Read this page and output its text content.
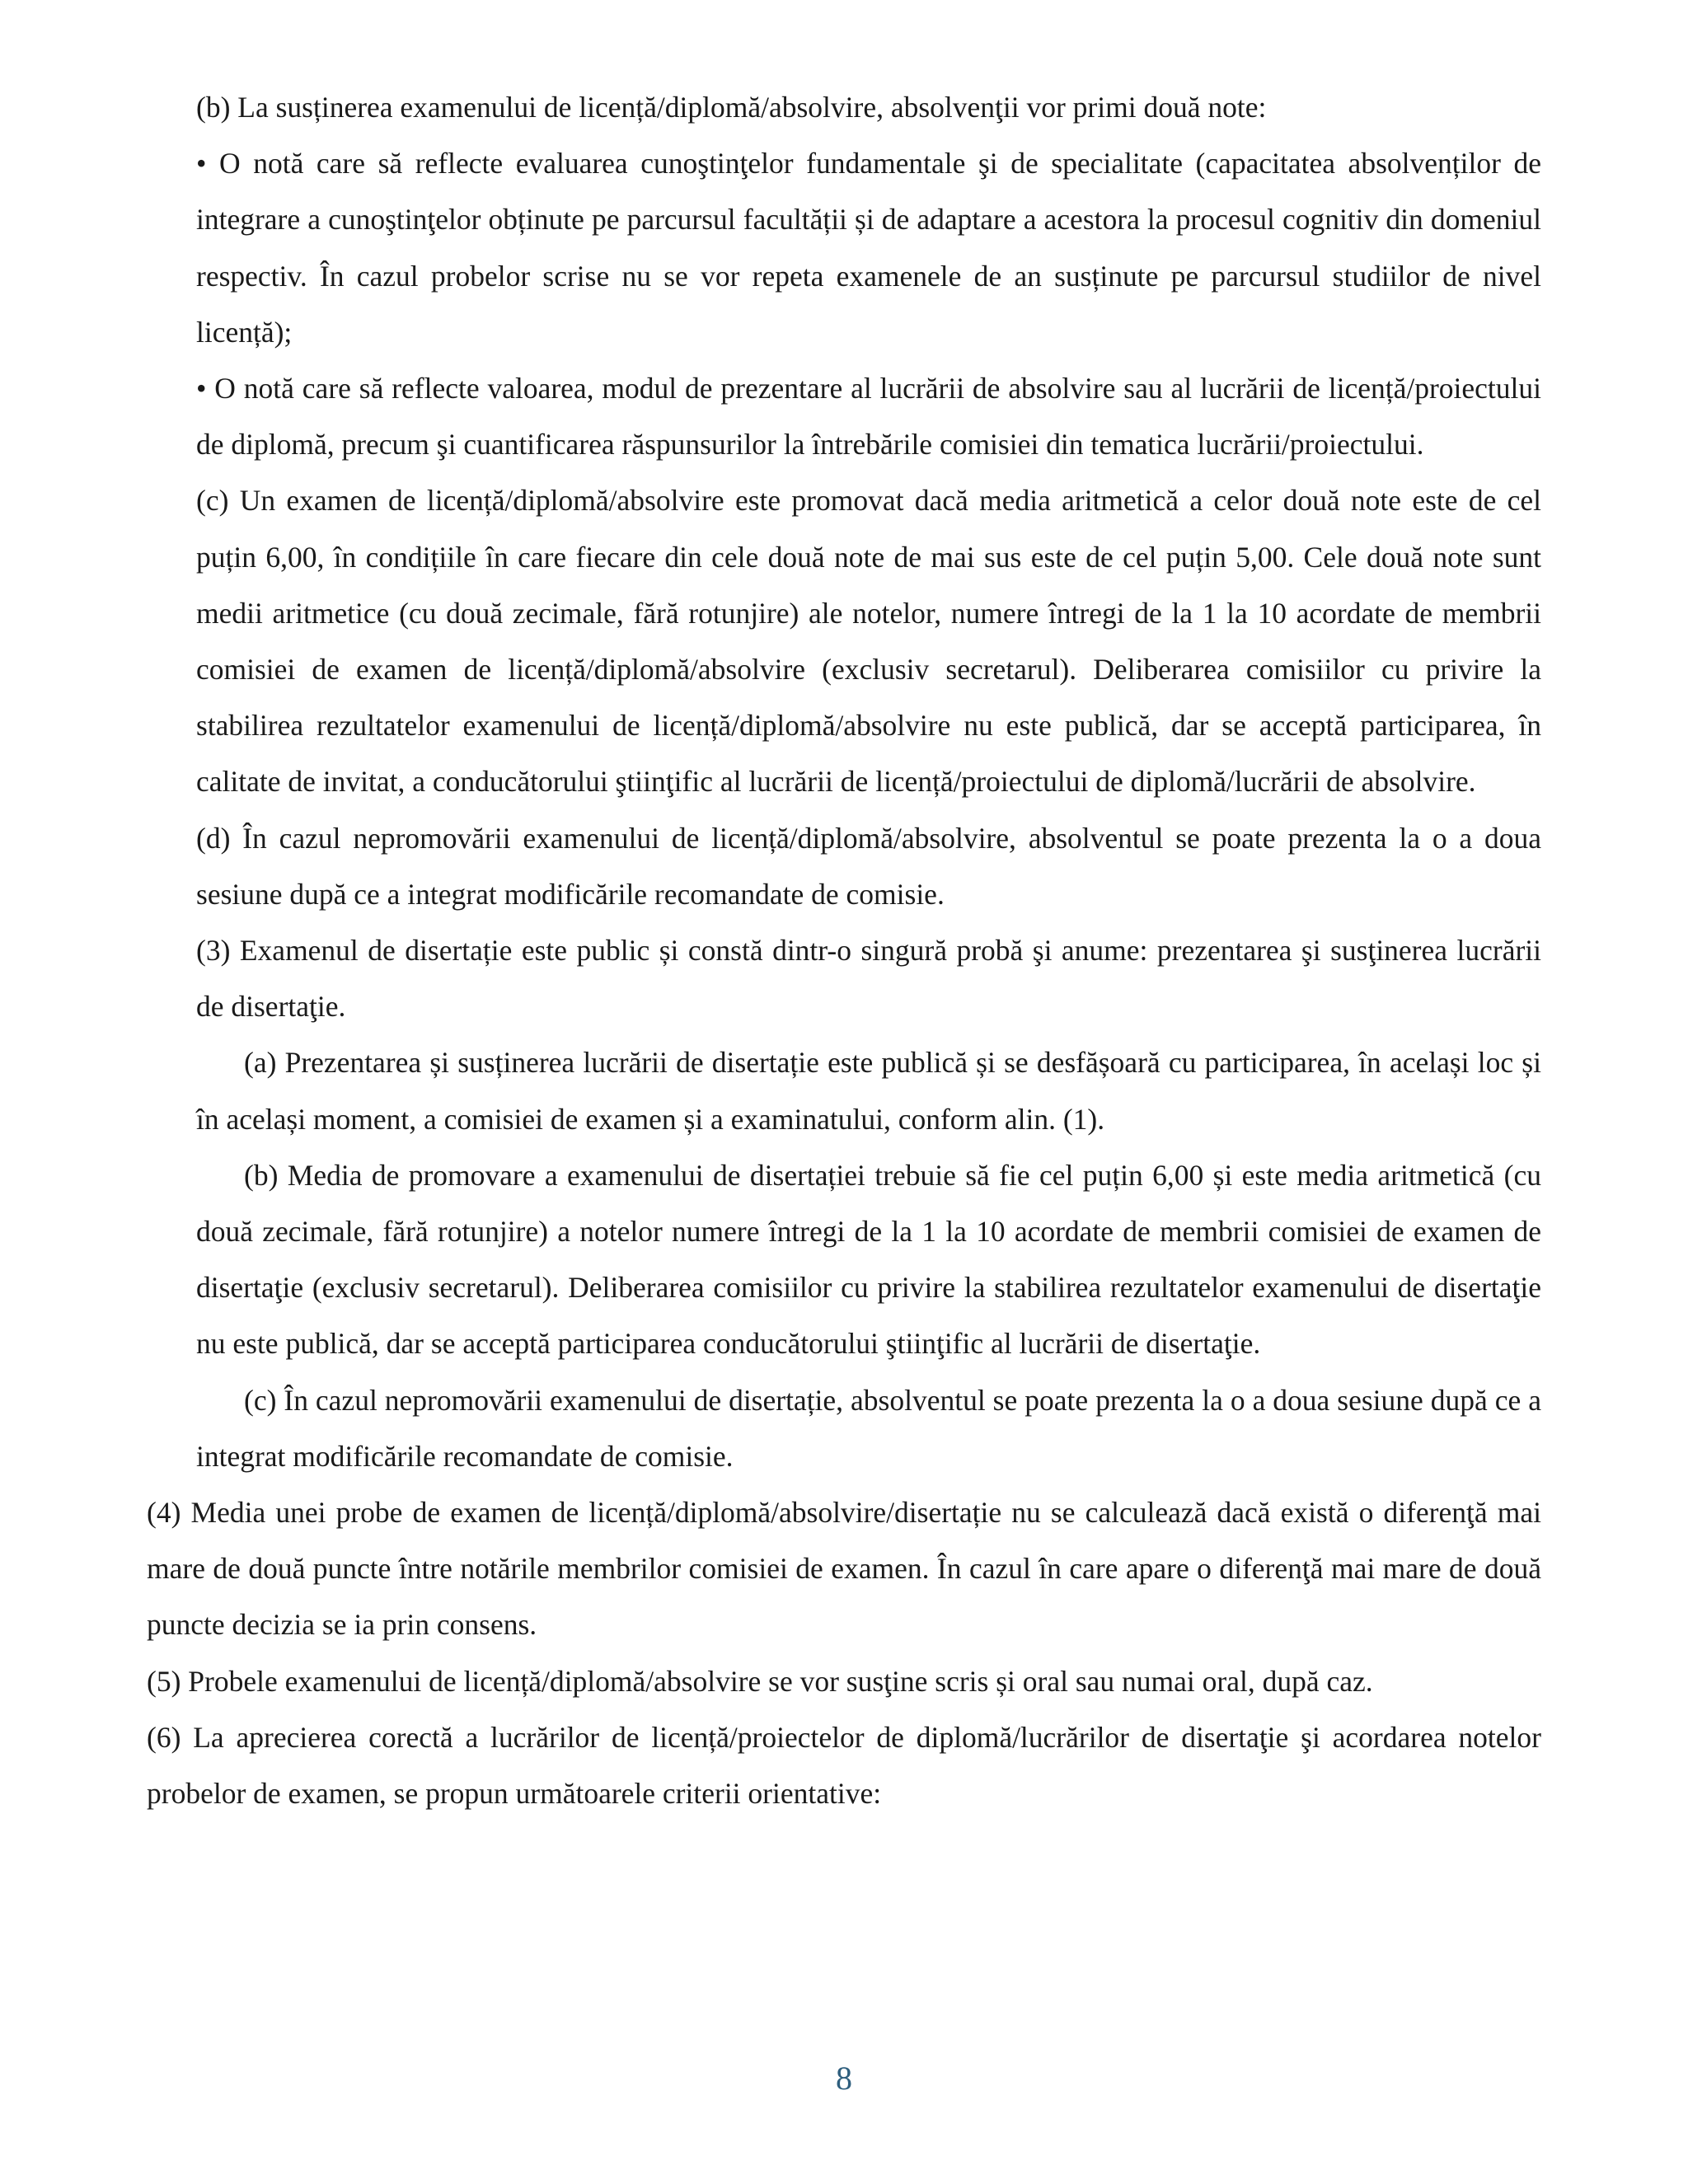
(b) La susținerea examenului de licență/diplomă/absolvire, absolvenţii vor primi două note:

• O notă care să reflecte evaluarea cunoştinţelor fundamentale şi de specialitate (capacitatea absolvenților de integrare a cunoştinţelor obținute pe parcursul facultății și de adaptare a acestora la procesul cognitiv din domeniul respectiv. În cazul probelor scrise nu se vor repeta examenele de an susținute pe parcursul studiilor de nivel licență);

• O notă care să reflecte valoarea, modul de prezentare al lucrării de absolvire sau al lucrării de licență/proiectului de diplomă, precum şi cuantificarea răspunsurilor la întrebările comisiei din tematica lucrării/proiectului.

(c) Un examen de licență/diplomă/absolvire este promovat dacă media aritmetică a celor două note este de cel puțin 6,00, în condițiile în care fiecare din cele două note de mai sus este de cel puțin 5,00. Cele două note sunt medii aritmetice (cu două zecimale, fără rotunjire) ale notelor, numere întregi de la 1 la 10 acordate de membrii comisiei de examen de licență/diplomă/absolvire (exclusiv secretarul). Deliberarea comisiilor cu privire la stabilirea rezultatelor examenului de licență/diplomă/absolvire nu este publică, dar se acceptă participarea, în calitate de invitat, a conducătorului ştiinţific al lucrării de licență/proiectului de diplomă/lucrării de absolvire.

(d) În cazul nepromovării examenului de licență/diplomă/absolvire, absolventul se poate prezenta la o a doua sesiune după ce a integrat modificările recomandate de comisie.

(3) Examenul de disertație este public și constă dintr-o singură probă şi anume: prezentarea şi susţinerea lucrării de disertaţie.

(a) Prezentarea și susținerea lucrării de disertație este publică și se desfășoară cu participarea, în același loc și în același moment, a comisiei de examen și a examinatului, conform alin. (1).

(b) Media de promovare a examenului de disertației trebuie să fie cel puțin 6,00 și este media aritmetică (cu două zecimale, fără rotunjire) a notelor numere întregi de la 1 la 10 acordate de membrii comisiei de examen de disertaţie (exclusiv secretarul). Deliberarea comisiilor cu privire la stabilirea rezultatelor examenului de disertaţie nu este publică, dar se acceptă participarea conducătorului ştiinţific al lucrării de disertaţie.

(c) În cazul nepromovării examenului de disertație, absolventul se poate prezenta la o a doua sesiune după ce a integrat modificările recomandate de comisie.

(4) Media unei probe de examen de licență/diplomă/absolvire/disertație nu se calculează dacă există o diferenţă mai mare de două puncte între notările membrilor comisiei de examen. În cazul în care apare o diferenţă mai mare de două puncte decizia se ia prin consens.

(5) Probele examenului de licență/diplomă/absolvire se vor susţine scris și oral sau numai oral, după caz.

(6) La aprecierea corectă a lucrărilor de licență/proiectelor de diplomă/lucrărilor de disertaţie şi acordarea notelor probelor de examen, se propun următoarele criterii orientative:

8
